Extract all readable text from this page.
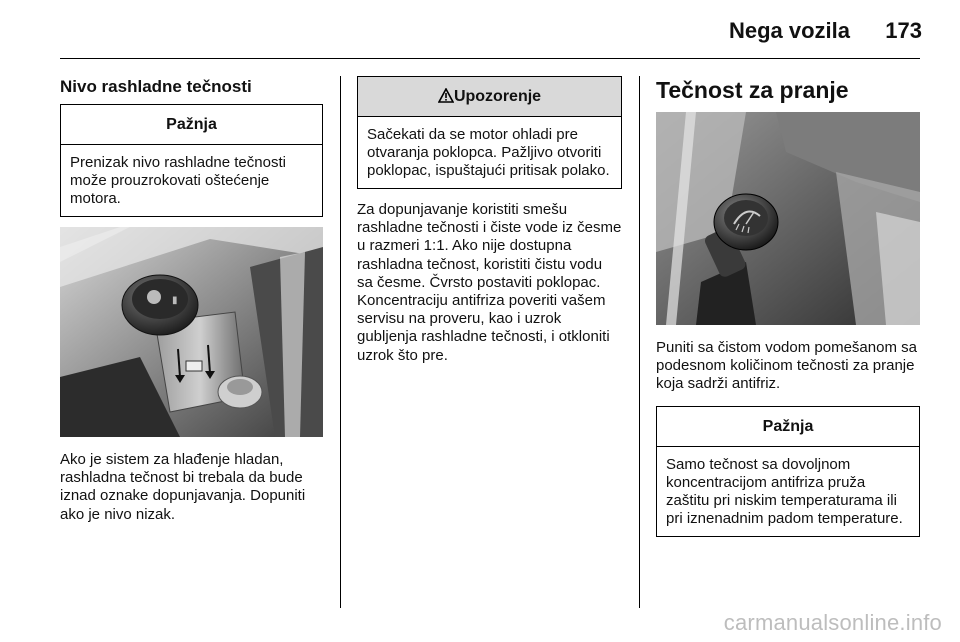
Nega vozila 173
Nivo rashladne tečnosti
Pažnja
Prenizak nivo rashladne tečnosti može prouzrokovati oštećenje motora.
▮

Ako je sistem za hlađenje hladan, rashladna tečnost bi trebala da bude iznad oznake dopunjavanja. Dopuniti ako je nivo nizak.

Upozorenje
Sačekati da se motor ohladi pre otvaranja poklopca. Pažljivo otvoriti poklopac, ispuštajući pritisak polako.

Za dopunjavanje koristiti smešu rashladne tečnosti i čiste vode iz česme u razmeri 1:1. Ako nije dostupna rashladna tečnost, koristiti čistu vodu sa česme. Čvrsto postaviti poklopac. Koncentraciju antifriza poveriti vašem servisu na proveru, kao i uzrok gubljenja rashladne tečnosti, i otkloniti uzrok što pre.

Tečnost za pranje

Puniti sa čistom vodom pomešanom sa podesnom količinom tečnosti za pranje koja sadrži antifriz.

Pažnja
Samo tečnost sa dovoljnom koncentracijom antifriza pruža zaštitu pri niskim temperaturama ili pri iznenadnim padom temperature.
carmanualsonline.info
